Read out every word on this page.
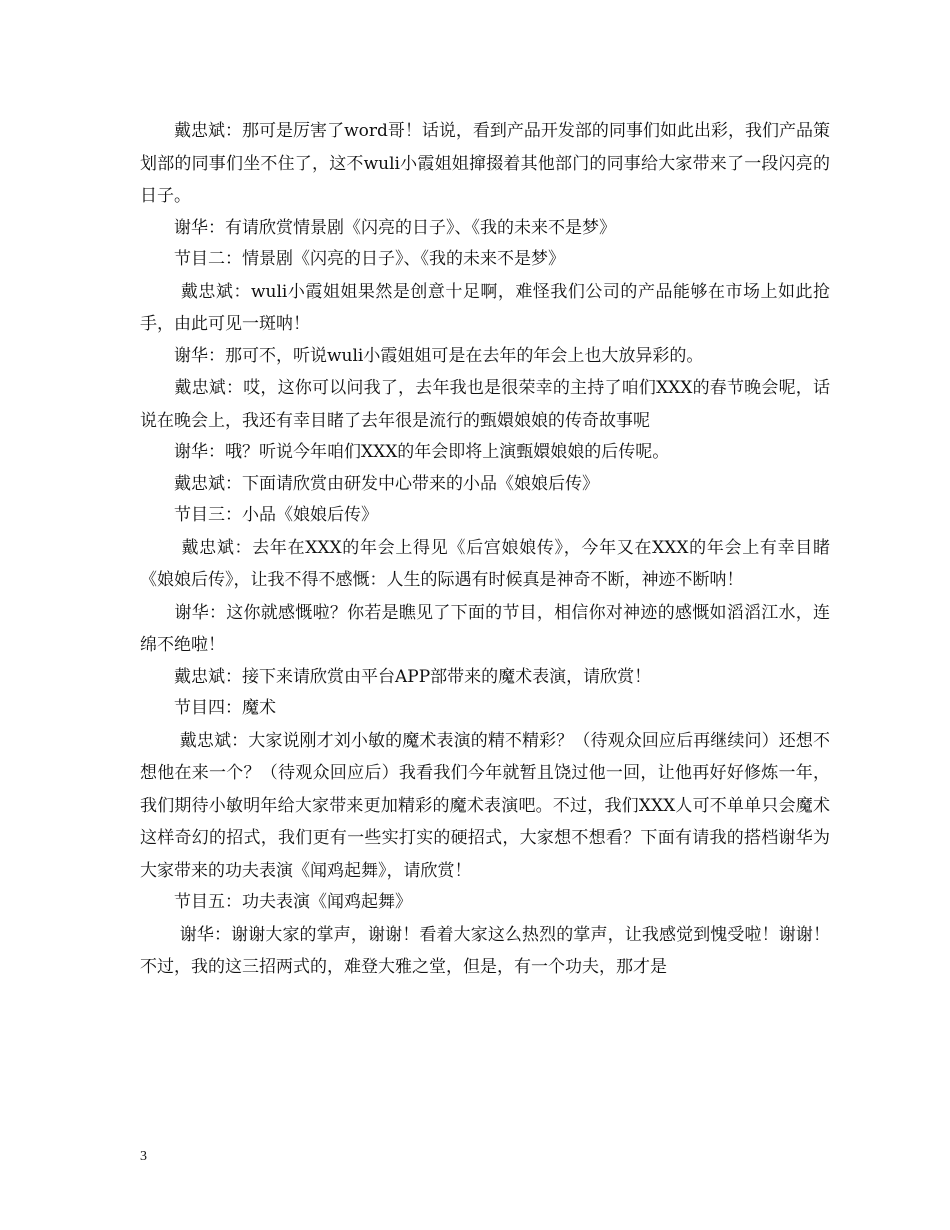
　　戴忠斌：那可是厉害了word哥！话说，看到产品开发部的同事们如此出彩，我们产品策划部的同事们坐不住了，这不wuli小霞姐姐撺掇着其他部门的同事给大家带来了一段闪亮的日子。

　　谢华：有请欣赏情景剧《闪亮的日子》、《我的未来不是梦》

　　节目二：情景剧《闪亮的日子》、《我的未来不是梦》

　　 戴忠斌：wuli小霞姐姐果然是创意十足啊，难怪我们公司的产品能够在市场上如此抢手，由此可见一斑呐！

　　谢华：那可不，听说wuli小霞姐姐可是在去年的年会上也大放异彩的。

　　戴忠斌：哎，这你可以问我了，去年我也是很荣幸的主持了咱们XXX的春节晚会呢，话说在晚会上，我还有幸目睹了去年很是流行的甄嬛娘娘的传奇故事呢

　　谢华：哦？听说今年咱们XXX的年会即将上演甄嬛娘娘的后传呢。

　　戴忠斌：下面请欣赏由研发中心带来的小品《娘娘后传》

　　节目三：小品《娘娘后传》

　　 戴忠斌：去年在XXX的年会上得见《后宫娘娘传》，今年又在XXX的年会上有幸目睹《娘娘后传》，让我不得不感慨：人生的际遇有时候真是神奇不断，神迹不断呐！

　　谢华：这你就感慨啦？你若是瞧见了下面的节目，相信你对神迹的感慨如滔滔江水，连绵不绝啦！

　　戴忠斌：接下来请欣赏由平台APP部带来的魔术表演，请欣赏！

　　节目四：魔术

　　 戴忠斌：大家说刚才刘小敏的魔术表演的精不精彩？（待观众回应后再继续问）还想不想他在来一个？（待观众回应后）我看我们今年就暂且饶过他一回，让他再好好修炼一年，我们期待小敏明年给大家带来更加精彩的魔术表演吧。不过，我们XXX人可不单单只会魔术这样奇幻的招式，我们更有一些实打实的硬招式，大家想不想看？下面有请我的搭档谢华为大家带来的功夫表演《闻鸡起舞》，请欣赏！

　　节目五：功夫表演《闻鸡起舞》

　　 谢华：谢谢大家的掌声，谢谢！看着大家这么热烈的掌声，让我感觉到愧受啦！谢谢！不过，我的这三招两式的，难登大雅之堂，但是，有一个功夫，那才是

3
